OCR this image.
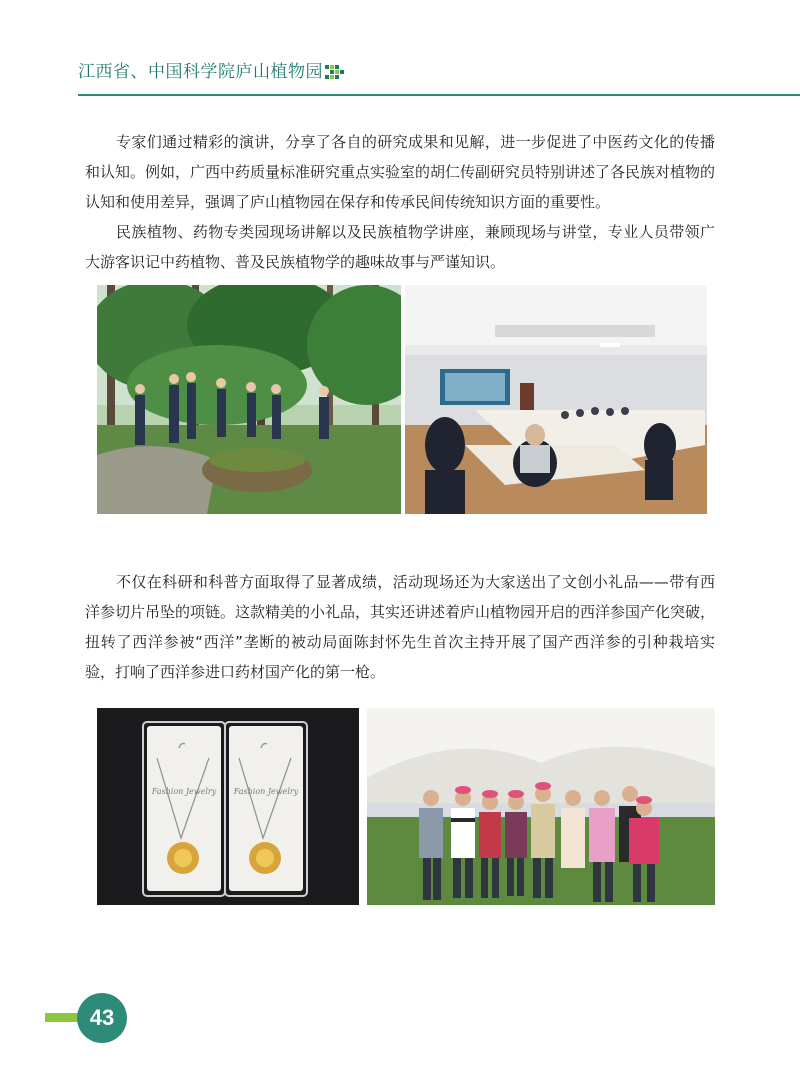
江西省、中国科学院庐山植物园

专家们通过精彩的演讲，分享了各自的研究成果和见解，进一步促进了中医药文化的传播和认知。例如，广西中药质量标准研究重点实验室的胡仁传副研究员特别讲述了各民族对植物的认知和使用差异，强调了庐山植物园在保存和传承民间传统知识方面的重要性。

民族植物、药物专类园现场讲解以及民族植物学讲座，兼顾现场与讲堂，专业人员带领广大游客识记中药植物、普及民族植物学的趣味故事与严谨知识。

不仅在科研和科普方面取得了显著成绩，活动现场还为大家送出了文创小礼品——带有西洋参切片吊坠的项链。这款精美的小礼品，其实还讲述着庐山植物园开启的西洋参国产化突破，扭转了西洋参被“西洋”垄断的被动局面陈封怀先生首次主持开展了国产西洋参的引种栽培实验，打响了西洋参进口药材国产化的第一枪。

Fashion Jewelry Fashion Jewelry
43
